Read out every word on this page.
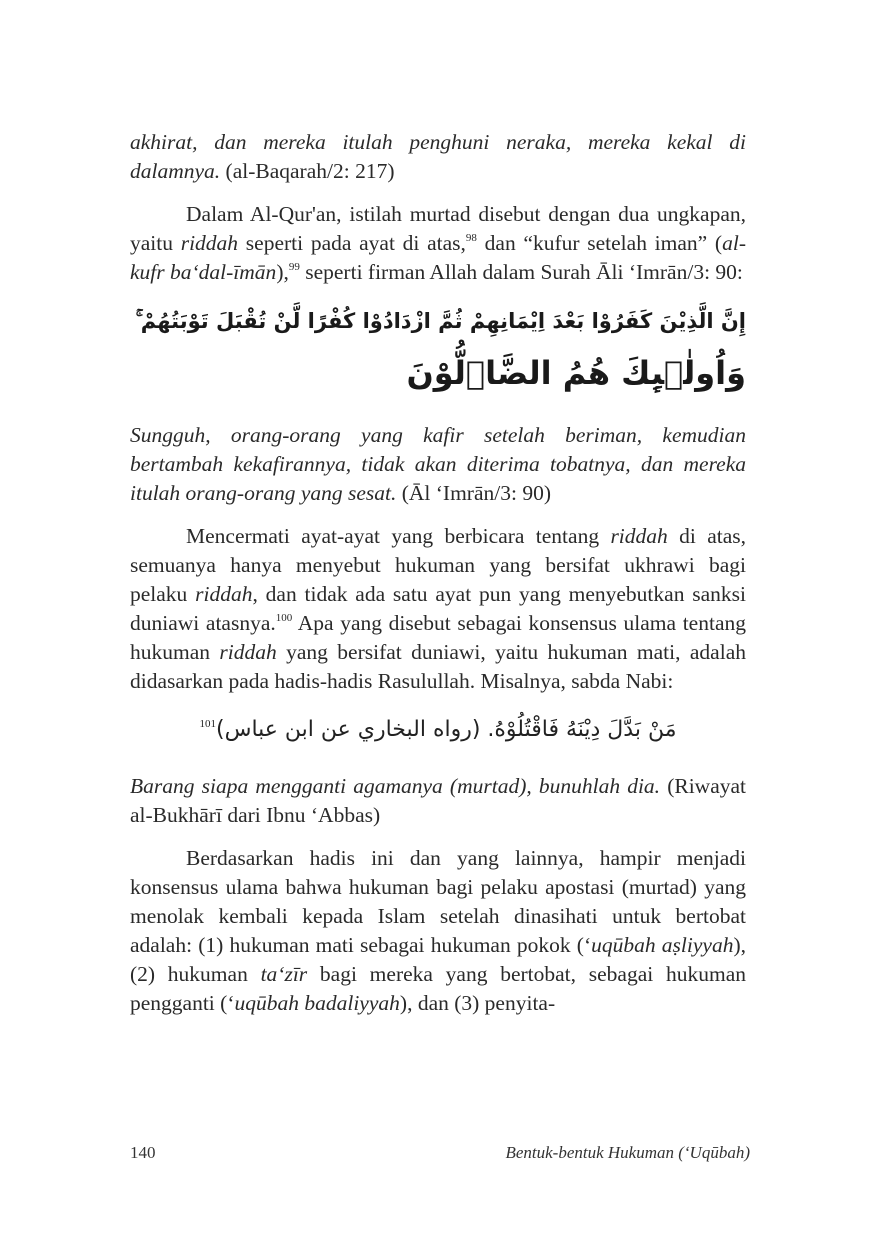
akhirat, dan mereka itulah penghuni neraka, mereka kekal di dalamnya. (al-Baqarah/2: 217)

Dalam Al-Qur'an, istilah murtad disebut dengan dua ungkapan, yaitu riddah seperti pada ayat di atas,$^{98}$ dan “kufur setelah iman” (al-kufr ba‘dal-īmān),$^{99}$ seperti firman Allah dalam Surah Āli ‘Imrān/3: 90:

إِنَّ الَّذِيْنَ كَفَرُوْا بَعْدَ اِيْمَانِهِمْ ثُمَّ ازْدَادُوْا كُفْرًا لَّنْ تُقْبَلَ تَوْبَتُهُمْ ۚ
وَاُولٰۤىِٕكَ هُمُ الضَّاۤلُّوْنَ

Sungguh, orang-orang yang kafir setelah beriman, kemudian bertambah kekafirannya, tidak akan diterima tobatnya, dan mereka itulah orang-orang yang sesat. (Āl ‘Imrān/3: 90)

Mencermati ayat-ayat yang berbicara tentang riddah di atas, semuanya hanya menyebut hukuman yang bersifat ukhrawi bagi pelaku riddah, dan tidak ada satu ayat pun yang menyebutkan sanksi duniawi atasnya.$^{100}$ Apa yang disebut sebagai konsensus ulama tentang hukuman riddah yang bersifat duniawi, yaitu hukuman mati, adalah didasarkan pada hadis-hadis Rasulullah. Misalnya, sabda Nabi:

مَنْ بَدَّلَ دِيْنَهُ فَاقْتُلُوْهُ. (رواه البخاري عن ابن عباس)$^{101}$

Barang siapa mengganti agamanya (murtad), bunuhlah dia. (Riwayat al-Bukhārī dari Ibnu ‘Abbas)

Berdasarkan hadis ini dan yang lainnya, hampir menjadi konsensus ulama bahwa hukuman bagi pelaku apostasi (murtad) yang menolak kembali kepada Islam setelah dinasihati untuk bertobat adalah: (1) hukuman mati sebagai hukuman pokok (‘uqūbah aṣliyyah), (2) hukuman ta‘zīr bagi mereka yang bertobat, sebagai hukuman pengganti (‘uqūbah badaliyyah), dan (3) penyita-

140	Bentuk-bentuk Hukuman (‘Uqūbah)
